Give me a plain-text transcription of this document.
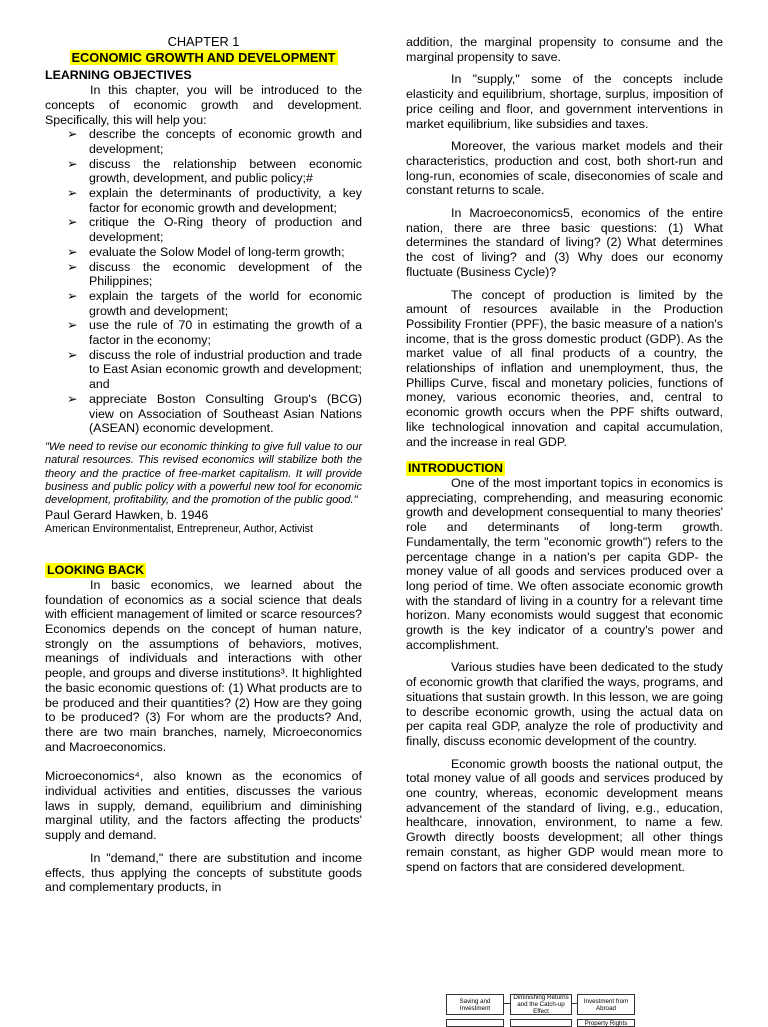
CHAPTER 1

ECONOMIC GROWTH AND DEVELOPMENT

LEARNING OBJECTIVES

In this chapter, you will be introduced to the concepts of economic growth and development. Specifically, this will help you:

➢ describe the concepts of economic growth and development;
➢ discuss the relationship between economic growth, development, and public policy;#
➢ explain the determinants of productivity, a key factor for economic growth and development;
➢ critique the O-Ring theory of production and development;
➢ evaluate the Solow Model of long-term growth;
➢ discuss the economic development of the Philippines;
➢ explain the targets of the world for economic growth and development;
➢ use the rule of 70 in estimating the growth of a factor in the economy;
➢ discuss the role of industrial production and trade to East Asian economic growth and development; and
➢ appreciate Boston Consulting Group's (BCG) view on Association of Southeast Asian Nations (ASEAN) economic development.

"We need to revise our economic thinking to give full value to our natural resources. This revised economics will stabilize both the theory and the practice of free-market capitalism. It will provide business and public policy with a powerful new tool for economic development, profitability, and the promotion of the public good."

Paul Gerard Hawken, b. 1946

American Environmentalist, Entrepreneur, Author, Activist

LOOKING BACK

In basic economics, we learned about the foundation of economics as a social science that deals with efficient management of limited or scarce resources? Economics depends on the concept of human nature, strongly on the assumptions of behaviors, motives, meanings of individuals and interactions with other people, and groups and diverse institutions³. It highlighted the basic economic questions of: (1) What products are to be produced and their quantities? (2) How are they going to be produced? (3) For whom are the products? And, there are two main branches, namely, Microeconomics and Macroeconomics.

Microeconomics⁴, also known as the economics of individual activities and entities, discusses the various laws in supply, demand, equilibrium and diminishing marginal utility, and the factors affecting the products' supply and demand.

In "demand," there are substitution and income effects, thus applying the concepts of substitute goods and complementary products, in

addition, the marginal propensity to consume and the marginal propensity to save.

In "supply," some of the concepts include elasticity and equilibrium, shortage, surplus, imposition of price ceiling and floor, and government interventions in market equilibrium, like subsidies and taxes.

Moreover, the various market models and their characteristics, production and cost, both short-run and long-run, economies of scale, diseconomies of scale and constant returns to scale.

In Macroeconomics5, economics of the entire nation, there are three basic questions: (1) What determines the standard of living? (2) What determines the cost of living? and (3) Why does our economy fluctuate (Business Cycle)?

The concept of production is limited by the amount of resources available in the Production Possibility Frontier (PPF), the basic measure of a nation's income, that is the gross domestic product (GDP). As the market value of all final products of a country, the relationships of inflation and unemployment, thus, the Phillips Curve, fiscal and monetary policies, functions of money, various economic theories, and, central to economic growth occurs when the PPF shifts outward, like technological innovation and capital accumulation, and the increase in real GDP.

INTRODUCTION

One of the most important topics in economics is appreciating, comprehending, and measuring economic growth and development consequential to many theories' role and determinants of long-term growth. Fundamentally, the term "economic growth") refers to the percentage change in a nation's per capita GDP- the money value of all goods and services produced over a long period of time. We often associate economic growth with the standard of living in a country for a relevant time horizon. Many economists would suggest that economic growth is the key indicator of a country's power and accomplishment.

Various studies have been dedicated to the study of economic growth that clarified the ways, programs, and situations that sustain growth. In this lesson, we are going to describe economic growth, using the actual data on per capita real GDP, analyze the role of productivity and finally, discuss economic development of the country.

Economic growth boosts the national output, the total money value of all goods and services produced by one country, whereas, economic development means advancement of the standard of living, e.g., education, healthcare, innovation, environment, to name a few. Growth directly boosts development; all other things remain constant, as higher GDP would mean more to spend on factors that are considered development.

Saving and Investment
Diminishing Returns and the Catch-up Effect
Investment from Abroad
Property Rights
